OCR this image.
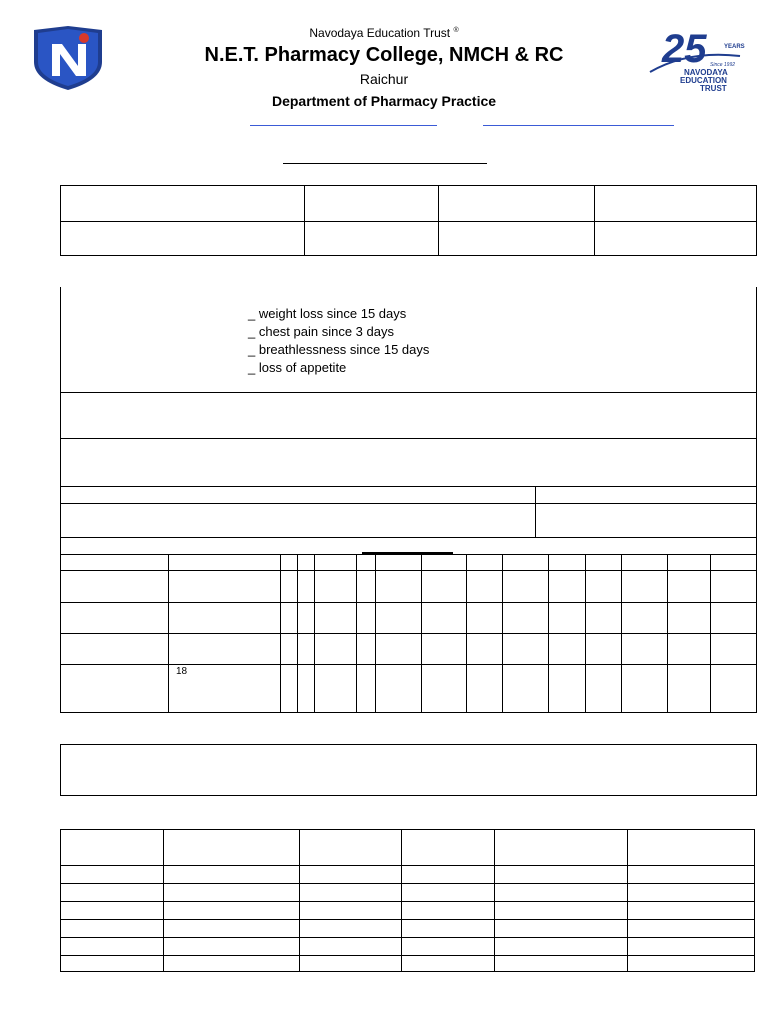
Navodaya Education Trust ®
N.E.T. Pharmacy College, NMCH & RC
Raichur
Department of Pharmacy Practice
25	YEARS
Since 1992
NAVODAYA
EDUCATION
TRUST
_ weight loss since 15 days
_ chest pain since 3 days
_ breathlessness since 15 days
_ loss of appetite
18
